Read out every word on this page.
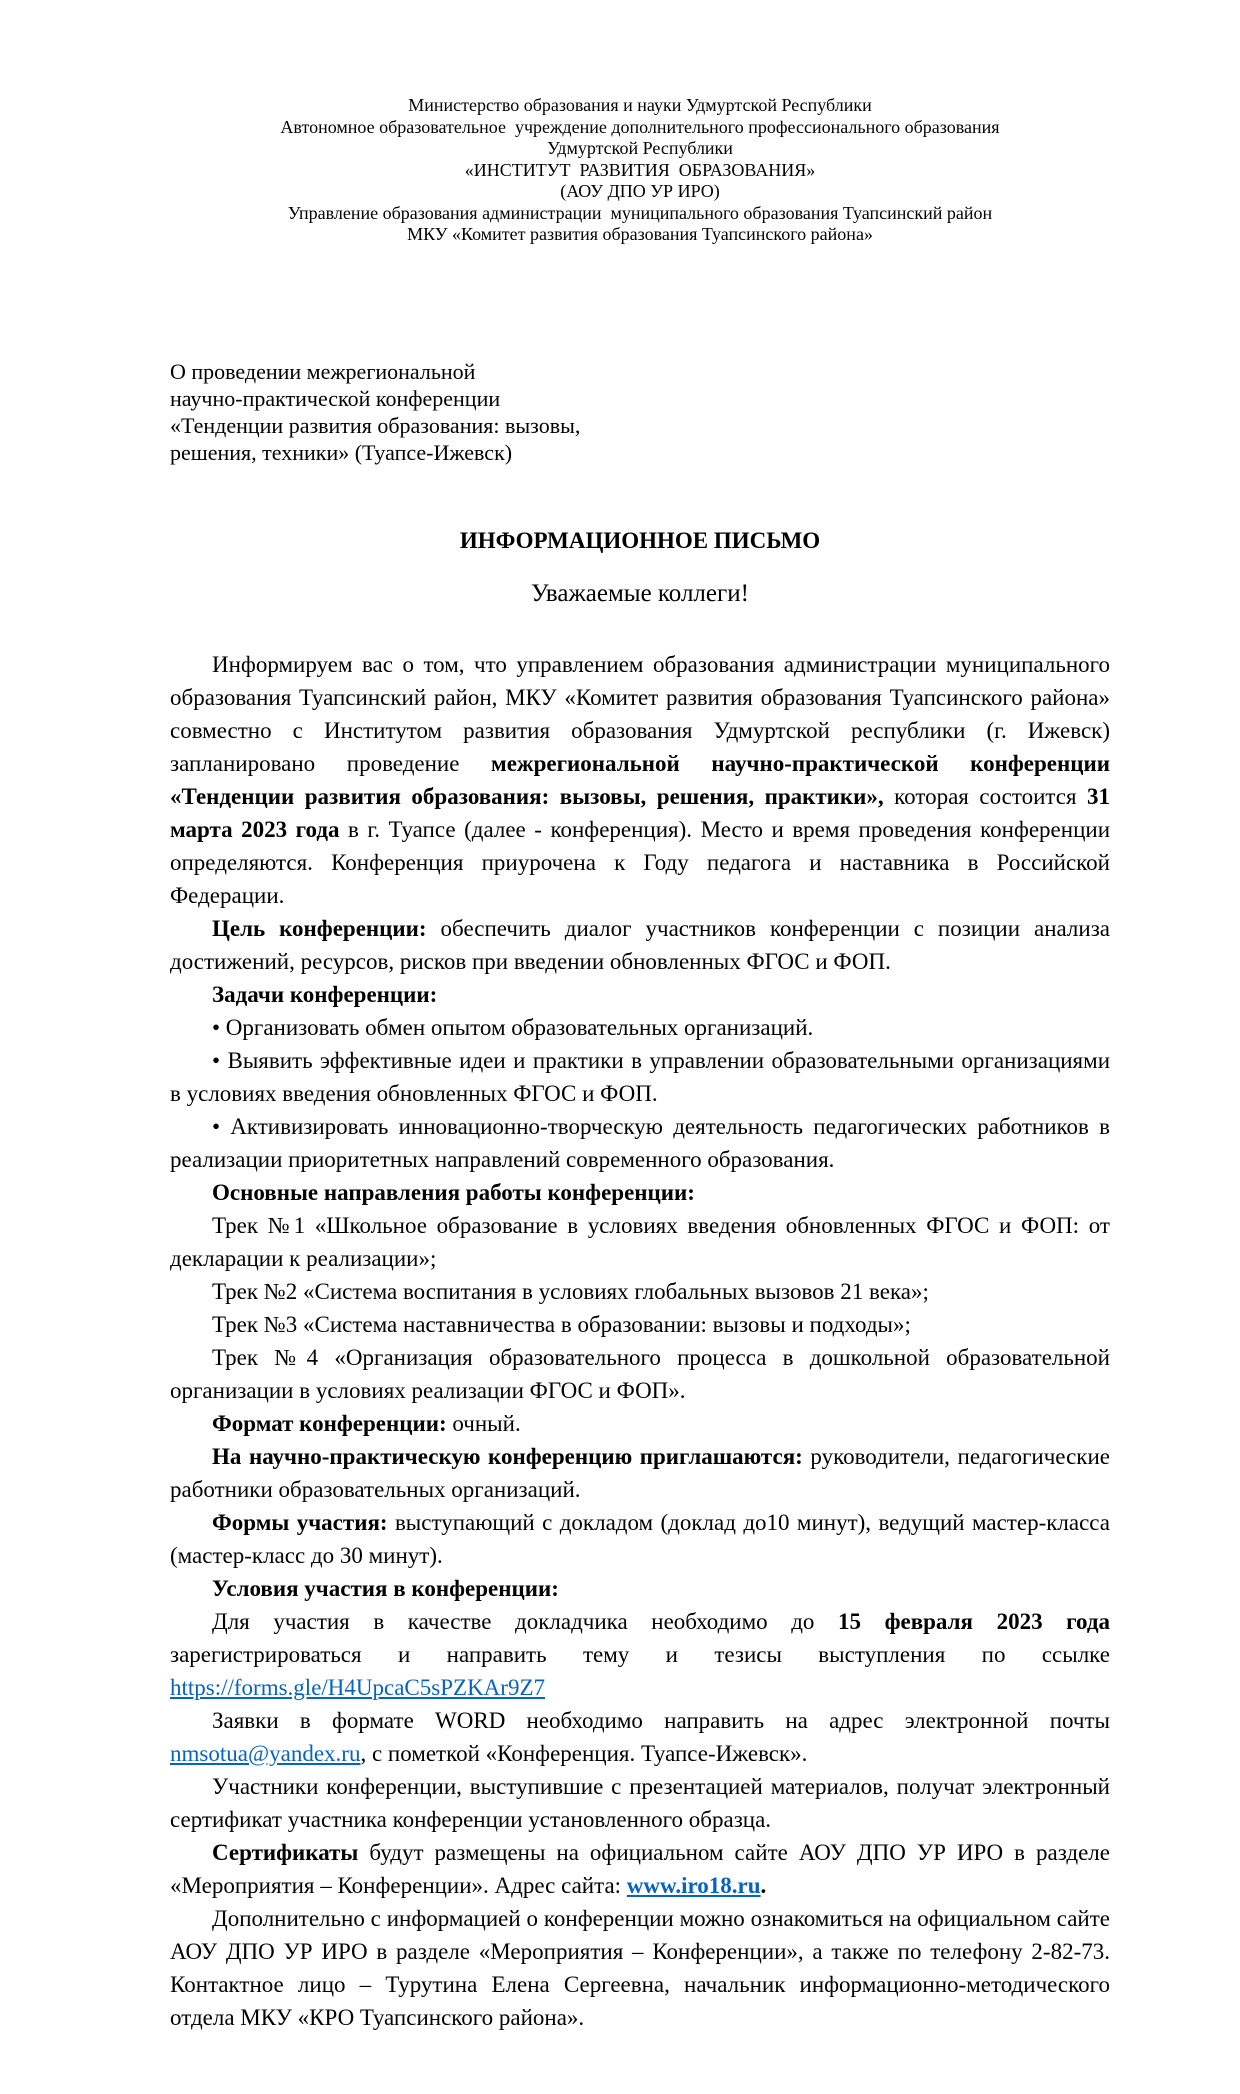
Министерство образования и науки Удмуртской Республики
Автономное образовательное  учреждение дополнительного профессионального образования
Удмуртской Республики
«ИНСТИТУТ  РАЗВИТИЯ  ОБРАЗОВАНИЯ»
(АОУ ДПО УР ИРО)
Управление образования администрации  муниципального образования Туапсинский район
МКУ «Комитет развития образования Туапсинского района»
О проведении межрегиональной
научно-практической конференции
«Тенденции развития образования: вызовы,
решения, техники» (Туапсе-Ижевск)
ИНФОРМАЦИОННОЕ ПИСЬМО
Уважаемые коллеги!

Информируем вас о том, что управлением образования администрации муниципального образования Туапсинский район, МКУ «Комитет развития образования Туапсинского района» совместно с Институтом развития образования Удмуртской республики (г. Ижевск) запланировано проведение межрегиональной научно-практической конференции «Тенденции развития образования: вызовы, решения, практики», которая состоится 31 марта 2023 года в г. Туапсе (далее - конференция). Место и время проведения конференции определяются. Конференция приурочена к Году педагога и наставника в Российской Федерации.

Цель конференции: обеспечить диалог участников конференции с позиции анализа достижений, ресурсов, рисков при введении обновленных ФГОС и ФОП.

Задачи конференции:

• Организовать обмен опытом образовательных организаций.

• Выявить эффективные идеи и практики в управлении образовательными организациями в условиях введения обновленных ФГОС и ФОП.

• Активизировать инновационно-творческую деятельность педагогических работников в реализации приоритетных направлений современного образования.

Основные направления работы конференции:

Трек №1 «Школьное образование в условиях введения обновленных ФГОС и ФОП: от декларации к реализации»;

Трек №2 «Система воспитания в условиях глобальных вызовов 21 века»;

Трек №3 «Система наставничества в образовании: вызовы и подходы»;

Трек №4 «Организация образовательного процесса в дошкольной образовательной организации в условиях реализации ФГОС и ФОП».

Формат конференции: очный.

На научно-практическую конференцию приглашаются: руководители, педагогические работники образовательных организаций.

Формы участия: выступающий с докладом (доклад до10 минут), ведущий мастер-класса (мастер-класс до 30 минут).

Условия участия в конференции:

Для участия в качестве докладчика необходимо до 15 февраля 2023 года зарегистрироваться и направить тему и тезисы выступления по ссылке https://forms.gle/H4UpcaC5sPZKAr9Z7

Заявки в формате WORD необходимо направить на адрес электронной почты nmsotua@yandex.ru, с пометкой «Конференция. Туапсе-Ижевск».

Участники конференции, выступившие с презентацией материалов, получат электронный сертификат участника конференции установленного образца.

Сертификаты будут размещены на официальном сайте АОУ ДПО УР ИРО в разделе «Мероприятия – Конференции». Адрес сайта: www.iro18.ru.

Дополнительно с информацией о конференции можно ознакомиться на официальном сайте АОУ ДПО УР ИРО в разделе «Мероприятия – Конференции», а также по телефону 2-82-73. Контактное лицо – Турутина Елена Сергеевна, начальник информационно-методического отдела МКУ «КРО Туапсинского района».
